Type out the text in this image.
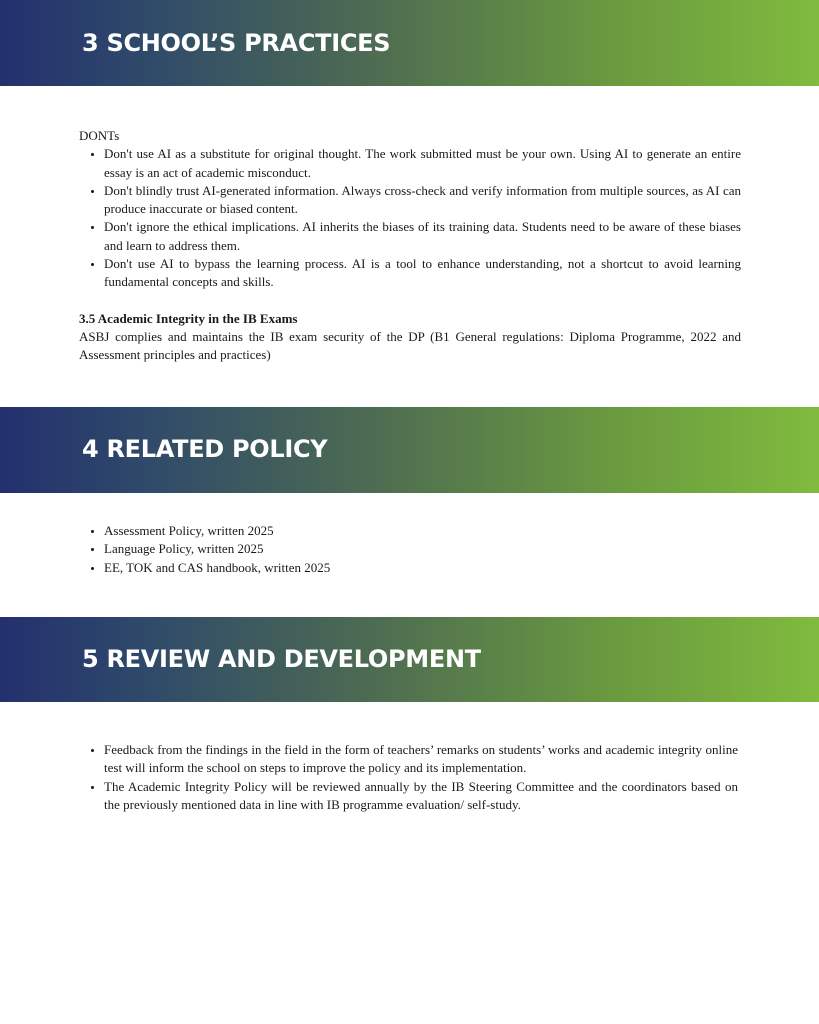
3 SCHOOL’S PRACTICES

DONTs

• Don't use AI as a substitute for original thought. The work submitted must be your own. Using AI to generate an entire essay is an act of academic misconduct.
• Don't blindly trust AI-generated information. Always cross-check and verify information from multiple sources, as AI can produce inaccurate or biased content.
• Don't ignore the ethical implications. AI inherits the biases of its training data. Students need to be aware of these biases and learn to address them.
• Don't use AI to bypass the learning process. AI is a tool to enhance understanding, not a shortcut to avoid learning fundamental concepts and skills.

3.5 Academic Integrity in the IB Exams

ASBJ complies and maintains the IB exam security of the DP (B1 General regulations: Diploma Programme, 2022 and Assessment principles and practices)

4 RELATED POLICY
• Assessment Policy, written 2025
• Language Policy, written 2025
• EE, TOK and CAS handbook, written 2025
5 REVIEW AND DEVELOPMENT
• Feedback from the findings in the field in the form of teachers’ remarks on students’ works and academic integrity online test will inform the school on steps to improve the policy and its implementation.
• The Academic Integrity Policy will be reviewed annually by the IB Steering Committee and the coordinators based on the previously mentioned data in line with IB programme evaluation/ self-study.
